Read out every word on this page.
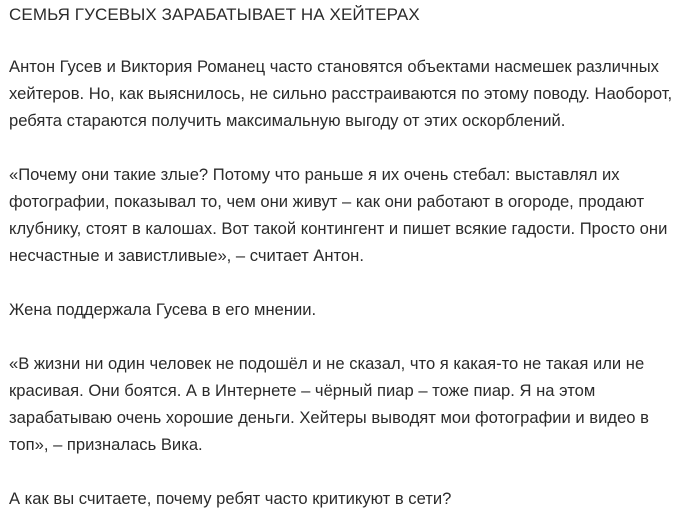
СЕМЬЯ ГУСЕВЫХ ЗАРАБАТЫВАЕТ НА ХЕЙТЕРАХ

Антон Гусев и Виктория Романец часто становятся объектами насмешек различных хейтеров. Но, как выяснилось, не сильно расстраиваются по этому поводу. Наоборот, ребята стараются получить максимальную выгоду от этих оскорблений.

«Почему они такие злые? Потому что раньше я их очень стебал: выставлял их фотографии, показывал то, чем они живут – как они работают в огороде, продают клубнику, стоят в калошах. Вот такой контингент и пишет всякие гадости. Просто они несчастные и завистливые», – считает Антон.

Жена поддержала Гусева в его мнении.

«В жизни ни один человек не подошёл и не сказал, что я какая-то не такая или не красивая. Они боятся. А в Интернете – чёрный пиар – тоже пиар. Я на этом зарабатываю очень хорошие деньги. Хейтеры выводят мои фотографии и видео в топ», – призналась Вика.

А как вы считаете, почему ребят часто критикуют в сети?
